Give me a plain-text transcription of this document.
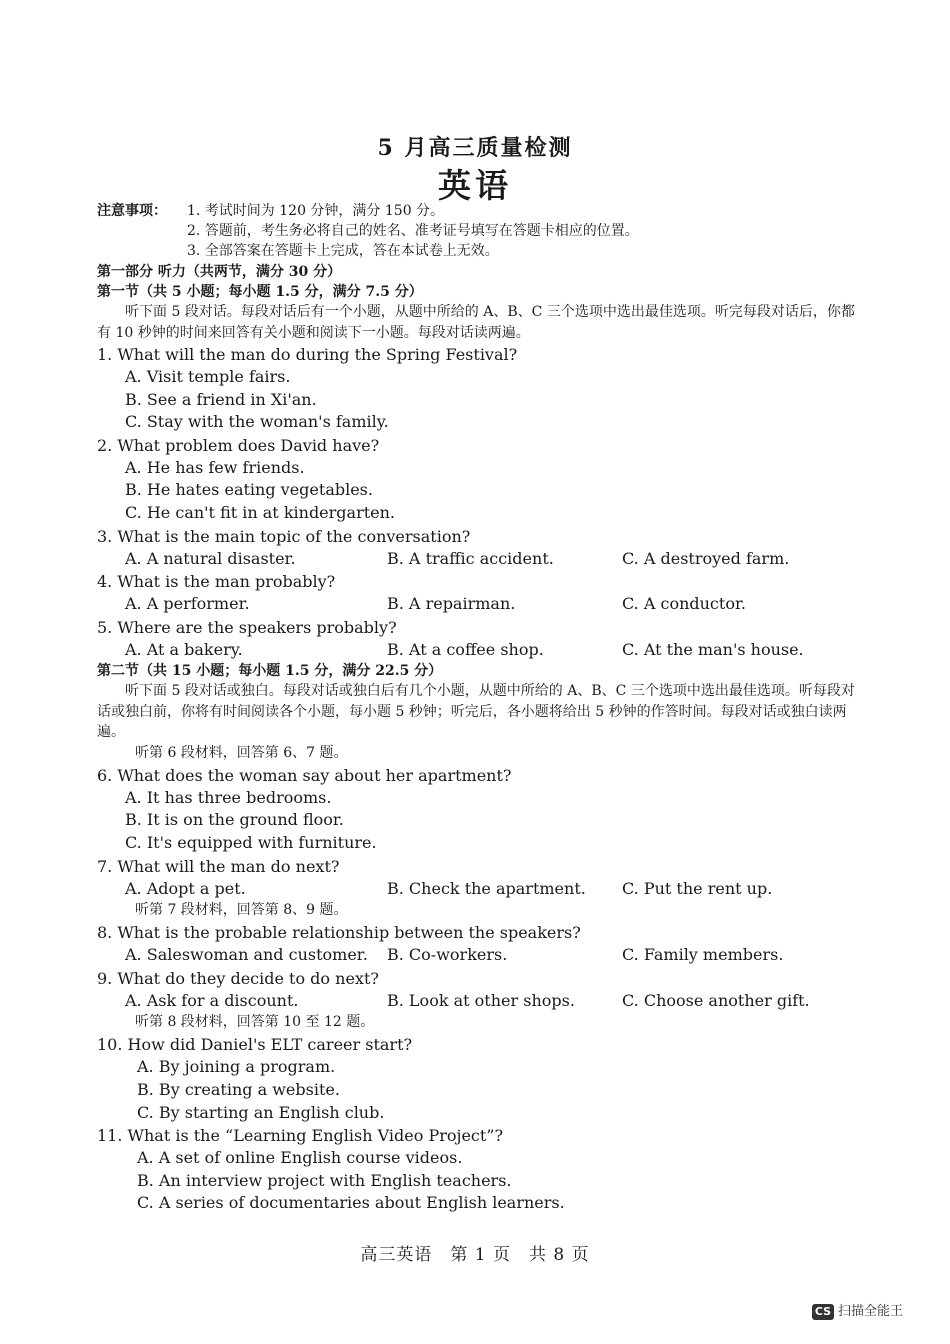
5 月高三质量检测
英语
注意事项： 1. 考试时间为 120 分钟，满分 150 分。
2. 答题前，考生务必将自己的姓名、准考证号填写在答题卡相应的位置。
3. 全部答案在答题卡上完成，答在本试卷上无效。
第一部分 听力（共两节，满分 30 分）
第一节（共 5 小题；每小题 1.5 分，满分 7.5 分）
听下面 5 段对话。每段对话后有一个小题，从题中所给的 A、B、C 三个选项中选出最佳选项。听完每段对话后，你都有 10 秒钟的时间来回答有关小题和阅读下一小题。每段对话读两遍。
1. What will the man do during the Spring Festival?
A. Visit temple fairs.
B. See a friend in Xi'an.
C. Stay with the woman's family.
2. What problem does David have?
A. He has few friends.
B. He hates eating vegetables.
C. He can't fit in at kindergarten.
3. What is the main topic of the conversation?
A. A natural disaster.	B. A traffic accident.	C. A destroyed farm.
4. What is the man probably?
A. A performer.	B. A repairman.	C. A conductor.
5. Where are the speakers probably?
A. At a bakery.	B. At a coffee shop.	C. At the man's house.
第二节（共 15 小题；每小题 1.5 分，满分 22.5 分）
听下面 5 段对话或独白。每段对话或独白后有几个小题，从题中所给的 A、B、C 三个选项中选出最佳选项。听每段对话或独白前，你将有时间阅读各个小题，每小题 5 秒钟；听完后，各小题将给出 5 秒钟的作答时间。每段对话或独白读两遍。
听第 6 段材料，回答第 6、7 题。
6. What does the woman say about her apartment?
A. It has three bedrooms.
B. It is on the ground floor.
C. It's equipped with furniture.
7. What will the man do next?
A. Adopt a pet.	B. Check the apartment.	C. Put the rent up.
听第 7 段材料，回答第 8、9 题。
8. What is the probable relationship between the speakers?
A. Saleswoman and customer.	B. Co-workers.	C. Family members.
9. What do they decide to do next?
A. Ask for a discount.	B. Look at other shops.	C. Choose another gift.
听第 8 段材料，回答第 10 至 12 题。
10. How did Daniel's ELT career start?
A. By joining a program.
B. By creating a website.
C. By starting an English club.
11. What is the “Learning English Video Project”?
A. A set of online English course videos.
B. An interview project with English teachers.
C. A series of documentaries about English learners.
高三英语　第 1 页　共 8 页
CS 扫描全能王
